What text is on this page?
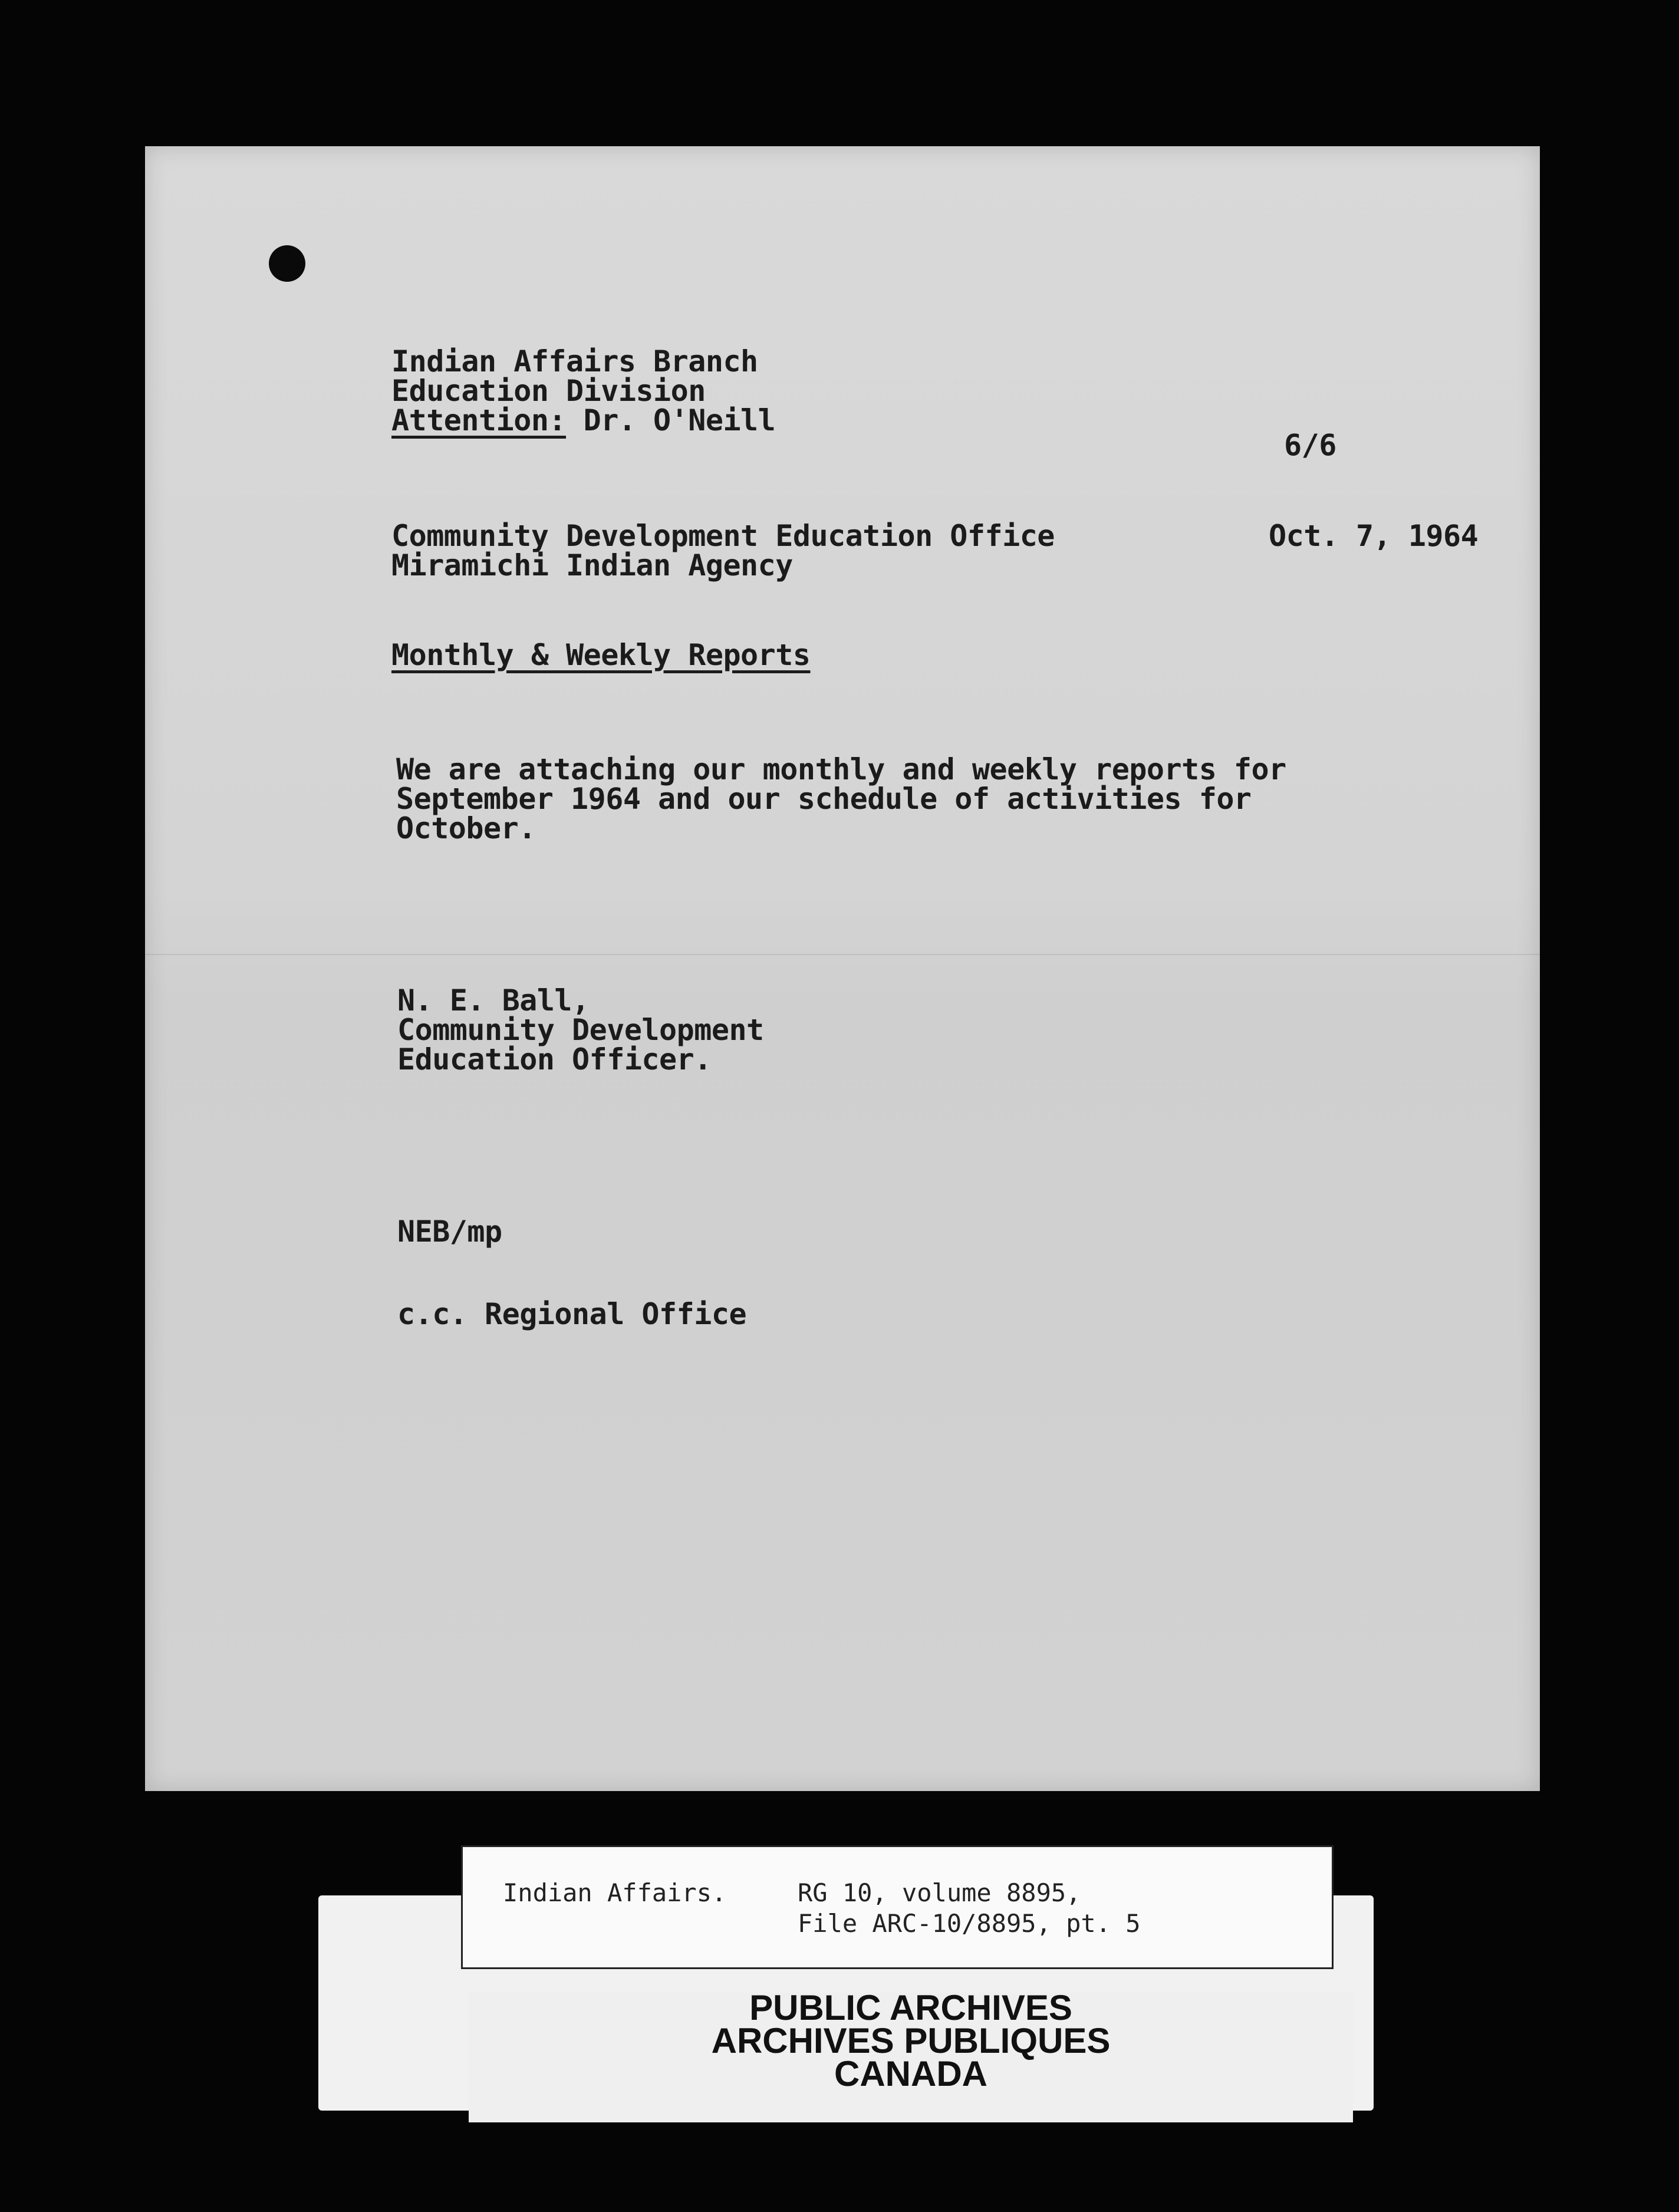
Indian Affairs Branch

Education Division

Attention: Dr. O'Neill

6/6

Community Development Education Office

Miramichi Indian Agency

Oct. 7, 1964

Monthly & Weekly Reports

We are attaching our monthly and weekly reports for

September 1964 and our schedule of activities for

October.

N. E. Ball,

Community Development

Education Officer.

NEB/mp

c.c. Regional Office

Indian Affairs.	RG 10, volume 8895,

File ARC-10/8895, pt. 5

PUBLIC ARCHIVES

ARCHIVES PUBLIQUES

CANADA
